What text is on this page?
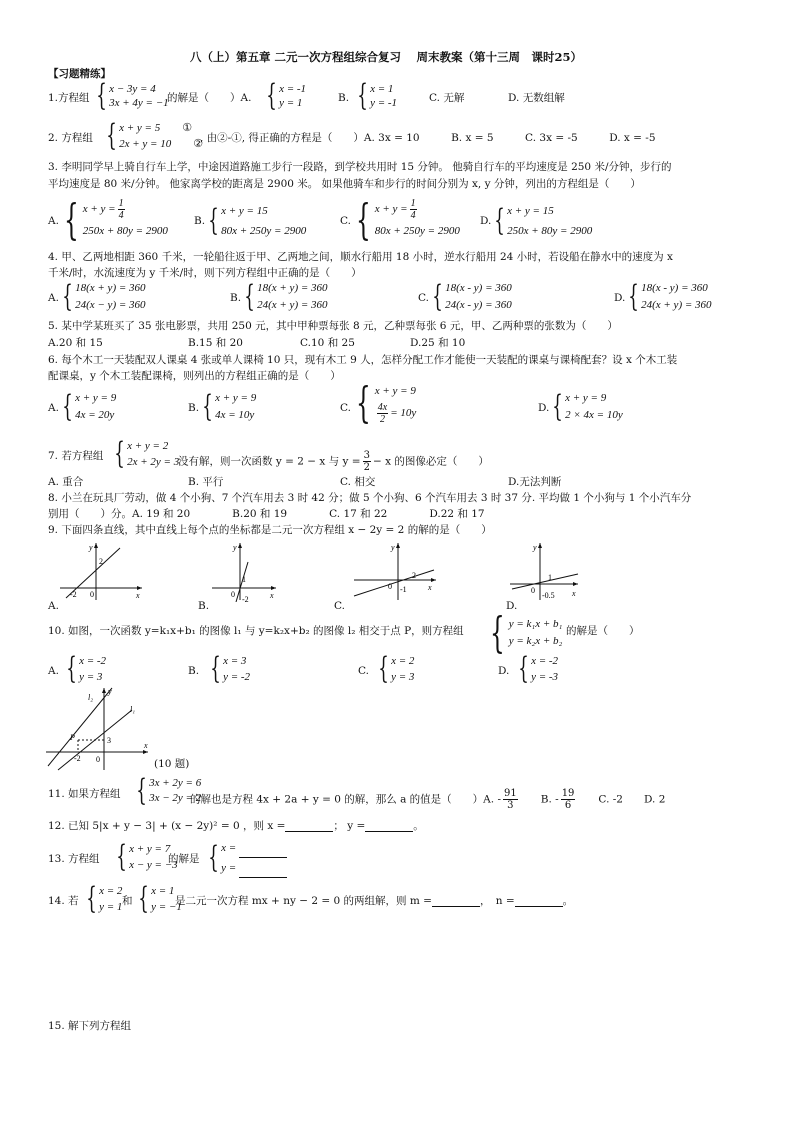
八（上）第五章 二元一次方程组综合复习　 周末教案（第十三周　课时25）
【习题精练】
1.方程组 { x − 3y = 4
3x + 4y = −1
的解是（　　）A. { x = -1
y = 1	B. { x = 1
y = -1	C. 无解	D. 无数组解
2. 方程组 { x + y = 5　　 ①
2x + y = 10　　 ②
, 由②-①, 得正确的方程是（　　）A. 3x = 10　　　B. x = 5　　　C. 3x = -5　　　D. x = -5
3. 李明同学早上骑自行车上学，中途因道路施工步行一段路，到学校共用时 15 分钟。 他骑自行车的平均速度是 250 米/分钟，步行的
平均速度是 80 米/分钟。 他家离学校的距离是 2900 米。 如果他骑车和步行的时间分别为 x, y 分钟，列出的方程组是（　　）
A. { $x + y = \frac{1}{4}$
250x + 80y = 2900
B. { x + y = 15
80x + 250y = 2900
C. { $x + y = \frac{1}{4}$
80x + 250y = 2900
D. { x + y = 15
250x + 80y = 2900
4. 甲、乙两地相距 360 千米，一轮船往返于甲、乙两地之间，顺水行船用 18 小时，逆水行船用 24 小时，若设船在静水中的速度为 x
千米/时，水流速度为 y 千米/时，则下列方程组中正确的是（　　）
A. { 18(x + y) = 360
24(x − y) = 360
B. { 18(x + y) = 360
24(x + y) = 360
C. { 18(x - y) = 360
24(x - y) = 360
D. { 18(x - y) = 360
24(x + y) = 360
5. 某中学某班买了 35 张电影票，共用 250 元，其中甲种票每张 8 元，乙种票每张 6 元，甲、乙两种票的张数为（　　）
A.20 和 15	B.15 和 20	C.10 和 25	D.25 和 10
6. 每个木工一天装配双人课桌 4 张或单人课椅 10 只，现有木工 9 人，怎样分配工作才能使一天装配的课桌与课椅配套？设 x 个木工装
配课桌，y 个木工装配课椅，则列出的方程组正确的是（　　）
A. { x + y = 9
4x = 20y
B. { x + y = 9
4x = 10y
C. { x + y = 9
$\frac{4x}{2} = 10y$	D. { x + y = 9
2 × 4x = 10y
7. 若方程组 { x + y = 2
2x + 2y = 3
没有解，则一次函数 y = 2 − x 与 $y = \frac{3}{2} - x$ 的图像必定（　　）
A. 重合	B. 平行	C. 相交	D.无法判断
8. 小兰在玩具厂劳动，做 4 个小狗、7 个汽车用去 3 时 42 分；做 5 个小狗、6 个汽车用去 3 时 37 分. 平均做 1 个小狗与 1 个小汽车分
别用（　　）分。A. 19 和 20　　　　B.20 和 19　　　　C. 17 和 22　　　　D.22 和 17
9. 下面四条直线，其中直线上每个点的坐标都是二元一次方程组 x − 2y = 2 的解的是（　　）
y
x
2
-2 0
A.
y
x
1
-2
0
B.
y
x
2
-1
0
C.
y
x
1
-0.5
0
D.
10. 如图，一次函数 y=k₁x+b₁ 的图像 l₁ 与 y=k₂x+b₂ 的图像 l₂ 相交于点 P，则方程组 { y = k₁x + b₁
y = k₂x + b₂
的解是（　　）
A. { x = -2
y = 3	B. { x = 3
y = -2	C. { x = 2
y = 3	D. { x = -2
y = -3
l₂
l₁
P	3
-2 0
y
x
(10 题)
11. 如果方程组 { 3x + 2y = 6
3x − 2y = 2
的解也是方程 4x + 2a + y = 0 的解，那么 a 的值是（　　）A. - $\frac{91}{3}$
　　 B. - $\frac{19}{6}$
　　 C. -2　　 D. 2
12. 已知 5|x + y − 3| + (x − 2y)² = 0 ，则 x =	； y =	。
13. 方程组 { x + y = 7
x − y = −3
的解是 { x =
y =
14. 若 { x = 2
y = 1 和 { x = 1
y = −1
是二元一次方程 mx + ny − 2 = 0 的两组解，则 m =	，　n =	。
15. 解下列方程组
